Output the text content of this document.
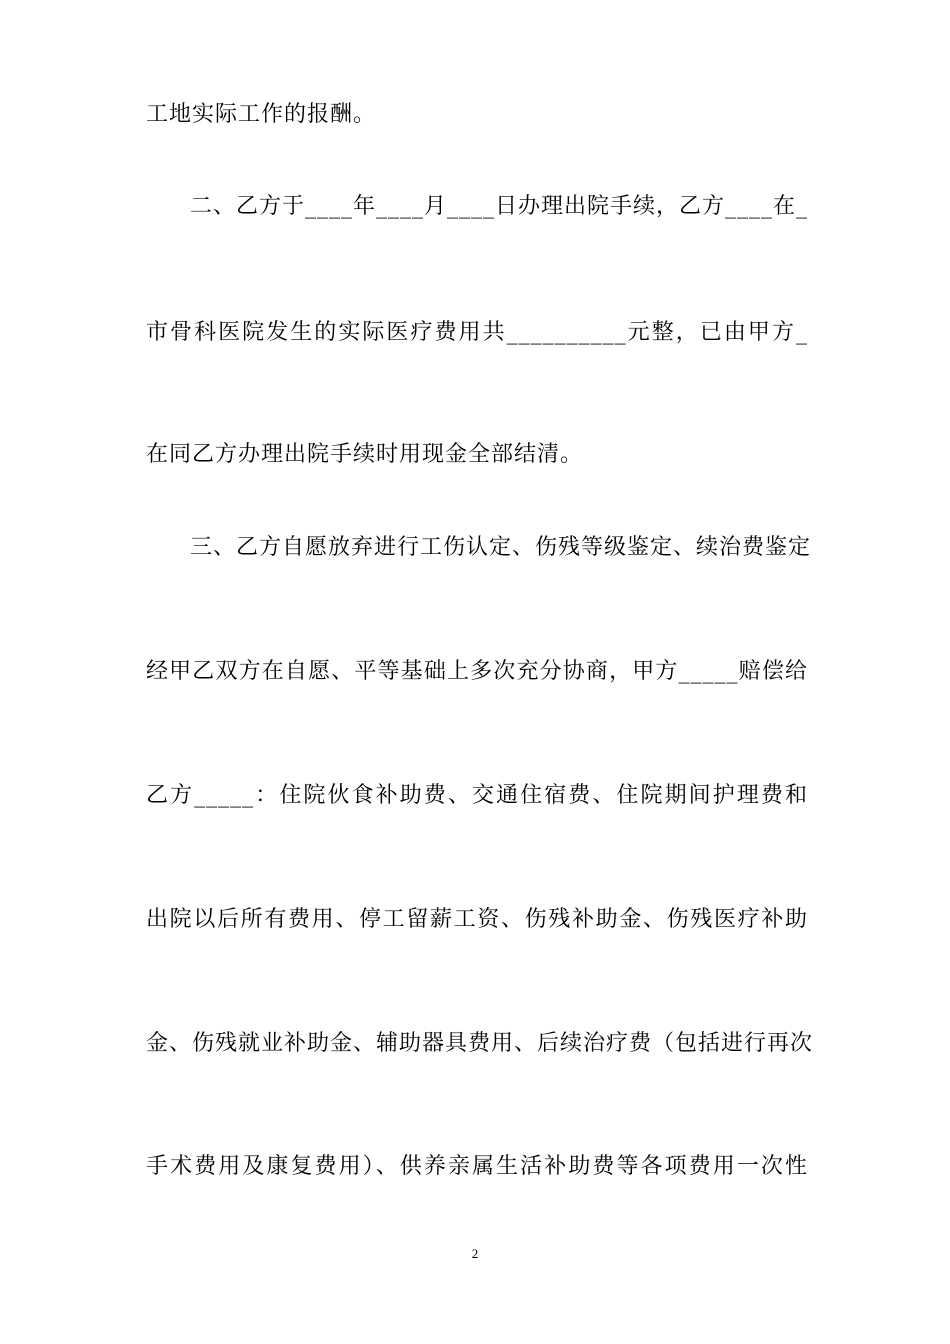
工地实际工作的报酬。
二、乙方于____年____月____日办理出院手续，乙方____在_
市骨科医院发生的实际医疗费用共__________元整，已由甲方_
在同乙方办理出院手续时用现金全部结清。
三、乙方自愿放弃进行工伤认定、伤残等级鉴定、续治费鉴定
经甲乙双方在自愿、平等基础上多次充分协商，甲方_____赔偿给
乙方_____：住院伙食补助费、交通住宿费、住院期间护理费和
出院以后所有费用、停工留薪工资、伤残补助金、伤残医疗补助
金、伤残就业补助金、辅助器具费用、后续治疗费（包括进行再次
手术费用及康复费用）、供养亲属生活补助费等各项费用一次性
2
